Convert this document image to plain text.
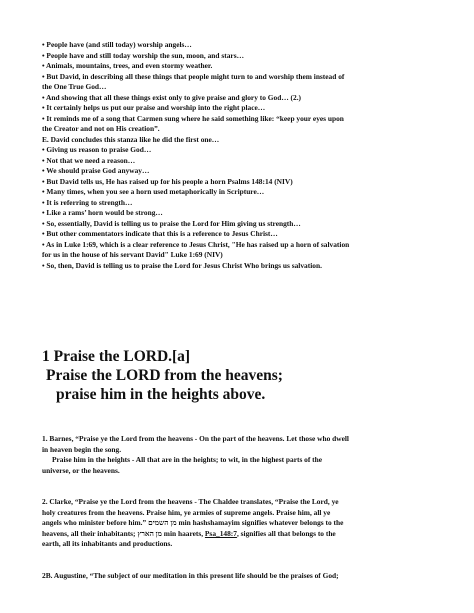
• People have (and still today) worship angels…
• People have and still today worship the sun, moon, and stars…
• Animals, mountains, trees, and even stormy weather.
• But David, in describing all these things that people might turn to and worship them instead of
the One True God…
• And showing that all these things exist only to give praise and glory to God… (2.)
• It certainly helps us put our praise and worship into the right place…
• It reminds me of a song that Carmen sung where he said something like: “keep your eyes upon
the Creator and not on His creation”.
E. David concludes this stanza like he did the first one…
• Giving us reason to praise God…
• Not that we need a reason…
• We should praise God anyway…
• But David tells us, He has raised up for his people a horn Psalms 148:14 (NIV)
• Many times, when you see a horn used metaphorically in Scripture…
• It is referring to strength…
• Like a rams’ horn would be strong…
• So, essentially, David is telling us to praise the Lord for Him giving us strength…
• But other commentators indicate that this is a reference to Jesus Christ…
• As in Luke 1:69, which is a clear reference to Jesus Christ, "He has raised up a horn of salvation
for us in the house of his servant David" Luke 1:69 (NIV)
• So, then, David is telling us to praise the Lord for Jesus Christ Who brings us salvation.
1 Praise the LORD.[a]
Praise the LORD from the heavens;
praise him in the heights above.
1. Barnes, “Praise ye the Lord from the heavens - On the part of the heavens. Let those who dwell
in heaven begin the song.
Praise him in the heights - All that are in the heights; to wit, in the highest parts of the
universe, or the heavens.
2. Clarke, “Praise ye the Lord from the heavens - The Chaldee translates, “Praise the Lord, ye
holy creatures from the heavens. Praise him, ye armies of supreme angels. Praise him, all ye
angels who minister before him.” מן השמים min hashshamayim signifies whatever belongs to the
heavens, all their inhabitants; מן הארץ min haarets, Psa_148:7, signifies all that belongs to the
earth, all its inhabitants and productions.
2B. Augustine, “The subject of our meditation in this present life should be the praises of God;
